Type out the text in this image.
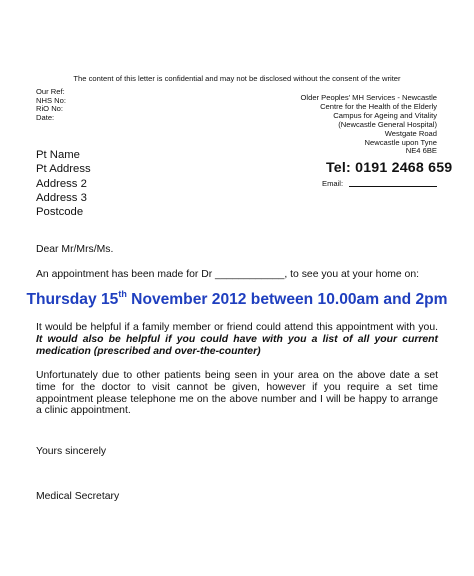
The content of this letter is confidential and may not be disclosed without the consent of the writer
Our Ref:
NHS No:
RiO No:
Date:
Older Peoples' MH Services - Newcastle
Centre for the Health of the Elderly
Campus for Ageing and Vitality
(Newcastle General Hospital)
Westgate Road
Newcastle upon Tyne
NE4 6BE
Tel: 0191 2468 659
Email:
Pt Name
Pt Address
Address 2
Address 3
Postcode
Dear Mr/Mrs/Ms.
An appointment has been made for Dr ____________, to see you at your home on:
Thursday 15th November 2012 between 10.00am and 2pm
It would be helpful if a family member or friend could attend this appointment with you. It would also be helpful if you could have with you a list of all your current medication (prescribed and over-the-counter)
Unfortunately due to other patients being seen in your area on the above date a set time for the doctor to visit cannot be given, however if you require a set time appointment please telephone me on the above number and I will be happy to arrange a clinic appointment.
Yours sincerely
Medical Secretary
